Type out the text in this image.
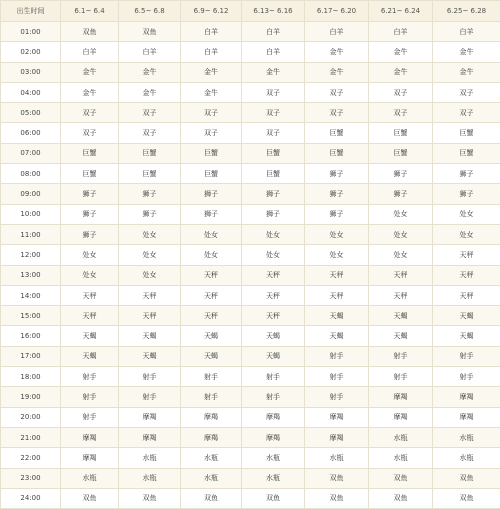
出生时间	6.1~ 6.4	6.5~ 6.8	6.9~ 6.12	6.13~ 6.16	6.17~ 6.20	6.21~ 6.24	6.25~ 6.28
01:00	双鱼	双鱼	白羊	白羊	白羊	白羊	白羊
02:00	白羊	白羊	白羊	白羊	金牛	金牛	金牛
03:00	金牛	金牛	金牛	金牛	金牛	金牛	金牛
04:00	金牛	金牛	金牛	双子	双子	双子	双子
05:00	双子	双子	双子	双子	双子	双子	双子
06:00	双子	双子	双子	双子	巨蟹	巨蟹	巨蟹
07:00	巨蟹	巨蟹	巨蟹	巨蟹	巨蟹	巨蟹	巨蟹
08:00	巨蟹	巨蟹	巨蟹	巨蟹	狮子	狮子	狮子
09:00	狮子	狮子	狮子	狮子	狮子	狮子	狮子
10:00	狮子	狮子	狮子	狮子	狮子	处女	处女
11:00	狮子	处女	处女	处女	处女	处女	处女
12:00	处女	处女	处女	处女	处女	处女	天秤
13:00	处女	处女	天秤	天秤	天秤	天秤	天秤
14:00	天秤	天秤	天秤	天秤	天秤	天秤	天秤
15:00	天秤	天秤	天秤	天秤	天蝎	天蝎	天蝎
16:00	天蝎	天蝎	天蝎	天蝎	天蝎	天蝎	天蝎
17:00	天蝎	天蝎	天蝎	天蝎	射手	射手	射手
18:00	射手	射手	射手	射手	射手	射手	射手
19:00	射手	射手	射手	射手	射手	摩羯	摩羯
20:00	射手	摩羯	摩羯	摩羯	摩羯	摩羯	摩羯
21:00	摩羯	摩羯	摩羯	摩羯	摩羯	水瓶	水瓶
22:00	摩羯	水瓶	水瓶	水瓶	水瓶	水瓶	水瓶
23:00	水瓶	水瓶	水瓶	水瓶	双鱼	双鱼	双鱼
24:00	双鱼	双鱼	双鱼	双鱼	双鱼	双鱼	双鱼
